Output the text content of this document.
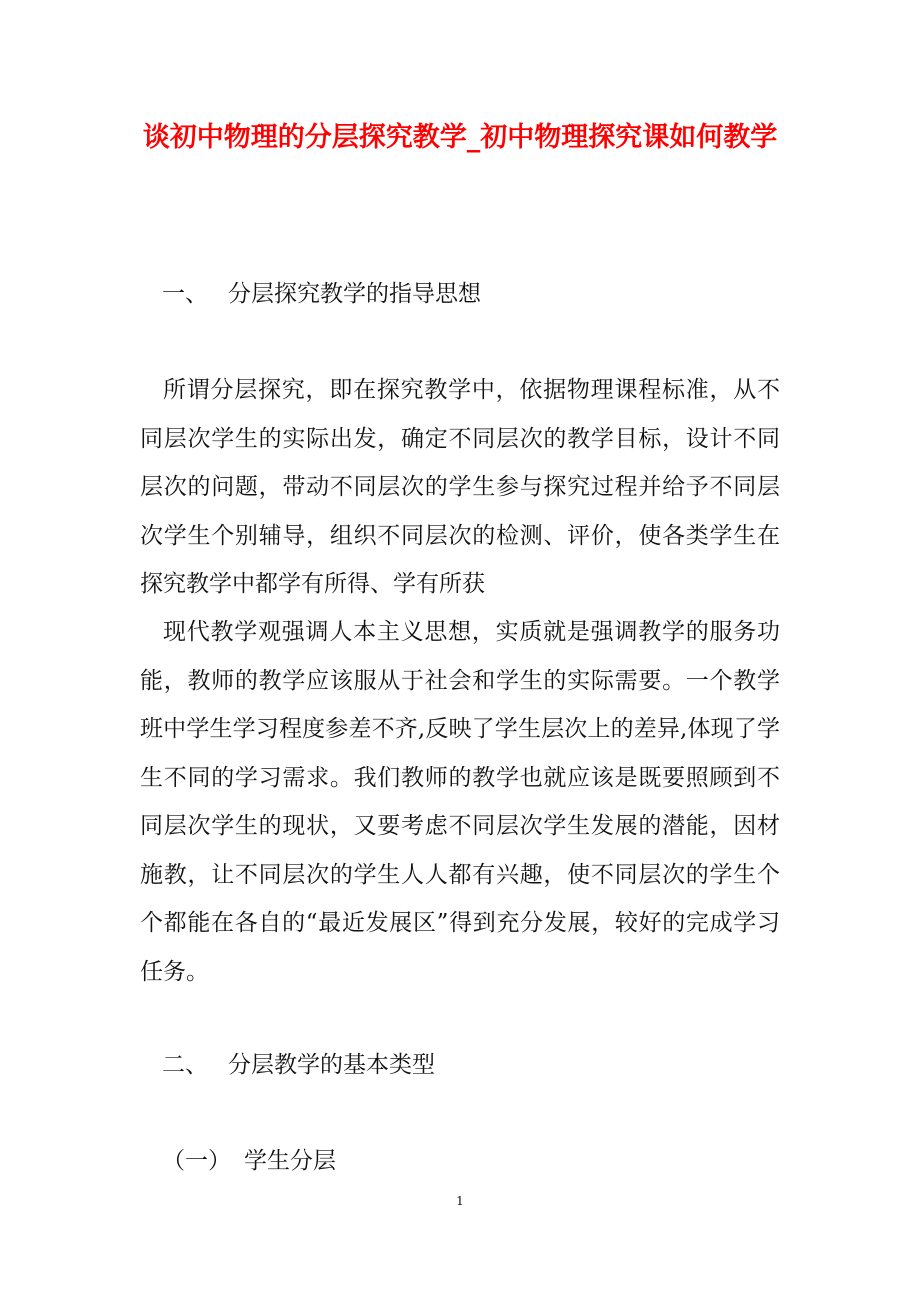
谈初中物理的分层探究教学_初中物理探究课如何教学
一、 分层探究教学的指导思想

所谓分层探究，即在探究教学中，依据物理课程标准，从不同层次学生的实际出发，确定不同层次的教学目标，设计不同层次的问题，带动不同层次的学生参与探究过程并给予不同层次学生个别辅导，组织不同层次的检测、评价，使各类学生在探究教学中都学有所得、学有所获

现代教学观强调人本主义思想，实质就是强调教学的服务功能，教师的教学应该服从于社会和学生的实际需要。一个教学班中学生学习程度参差不齐,反映了学生层次上的差异,体现了学生不同的学习需求。我们教师的教学也就应该是既要照顾到不同层次学生的现状，又要考虑不同层次学生发展的潜能，因材施教，让不同层次的学生人人都有兴趣，使不同层次的学生个个都能在各自的“最近发展区”得到充分发展，较好的完成学习任务。

二、 分层教学的基本类型
（一） 学生分层
1
